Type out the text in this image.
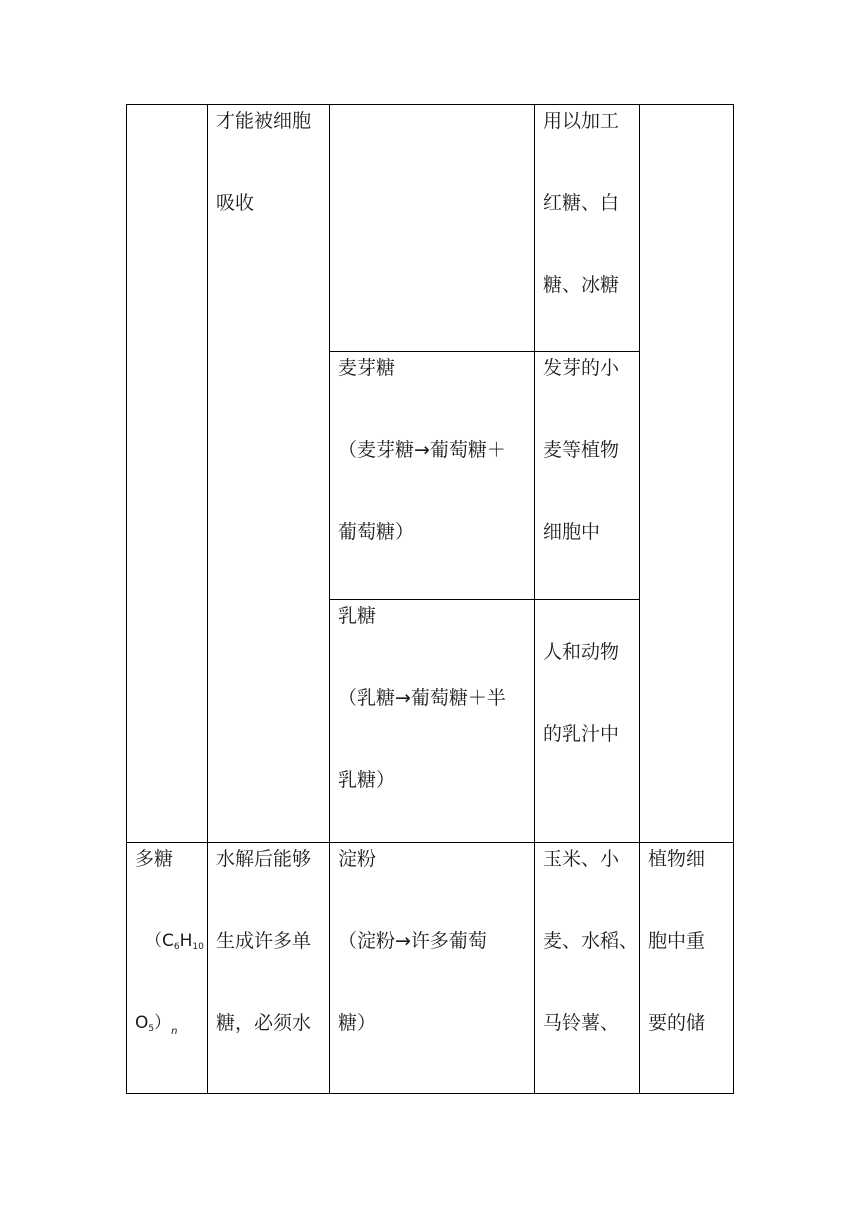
才能被细胞
吸收
用以加工
红糖、白
糖、冰糖
麦芽糖
（麦芽糖→葡萄糖＋
葡萄糖）
发芽的小
麦等植物
细胞中
乳糖
（乳糖→葡萄糖＋半
乳糖）
人和动物
的乳汁中
多糖
（$C_6H_{10}$
$O_5)_n$
水解后能够
生成许多单
糖，必须水
淀粉
（淀粉→许多葡萄
糖）
玉米、小
麦、水稻、
马铃薯、
植物细
胞中重
要的储
